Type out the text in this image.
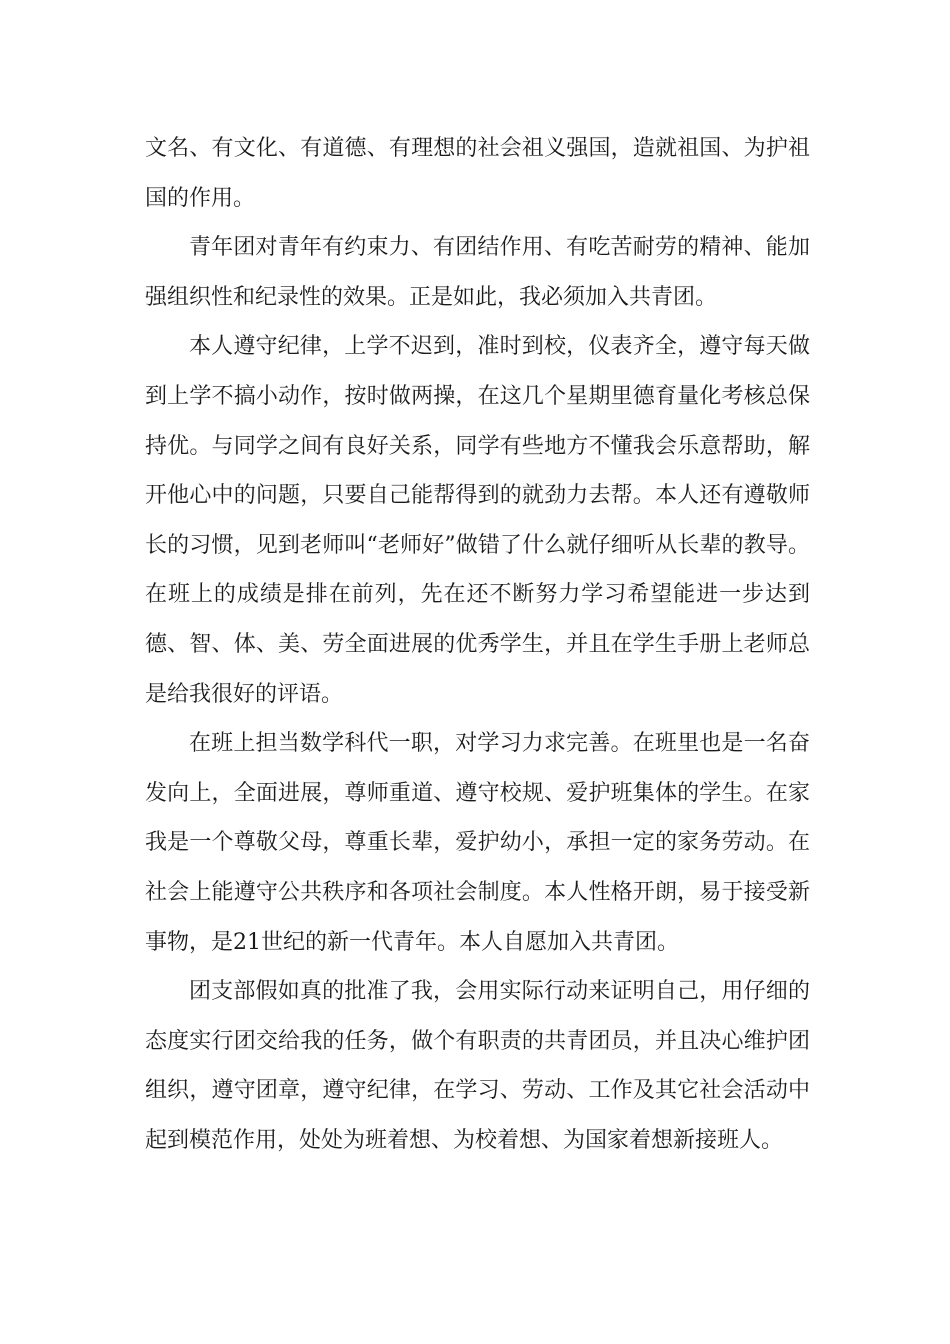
文名、有文化、有道德、有理想的社会祖义强国，造就祖国、为护祖国的作用。

青年团对青年有约束力、有团结作用、有吃苦耐劳的精神、能加强组织性和纪录性的效果。正是如此，我必须加入共青团。

本人遵守纪律，上学不迟到，准时到校，仪表齐全，遵守每天做到上学不搞小动作，按时做两操，在这几个星期里德育量化考核总保持优。与同学之间有良好关系，同学有些地方不懂我会乐意帮助，解开他心中的问题，只要自己能帮得到的就劲力去帮。本人还有遵敬师长的习惯，见到老师叫“老师好”做错了什么就仔细听从长辈的教导。在班上的成绩是排在前列，先在还不断努力学习希望能进一步达到德、智、体、美、劳全面进展的优秀学生，并且在学生手册上老师总是给我很好的评语。

在班上担当数学科代一职，对学习力求完善。在班里也是一名奋发向上，全面进展，尊师重道、遵守校规、爱护班集体的学生。在家我是一个尊敬父母，尊重长辈，爱护幼小，承担一定的家务劳动。在社会上能遵守公共秩序和各项社会制度。本人性格开朗，易于接受新事物，是21世纪的新一代青年。本人自愿加入共青团。

团支部假如真的批准了我，会用实际行动来证明自己，用仔细的态度实行团交给我的任务，做个有职责的共青团员，并且决心维护团组织，遵守团章，遵守纪律，在学习、劳动、工作及其它社会活动中起到模范作用，处处为班着想、为校着想、为国家着想新接班人。
